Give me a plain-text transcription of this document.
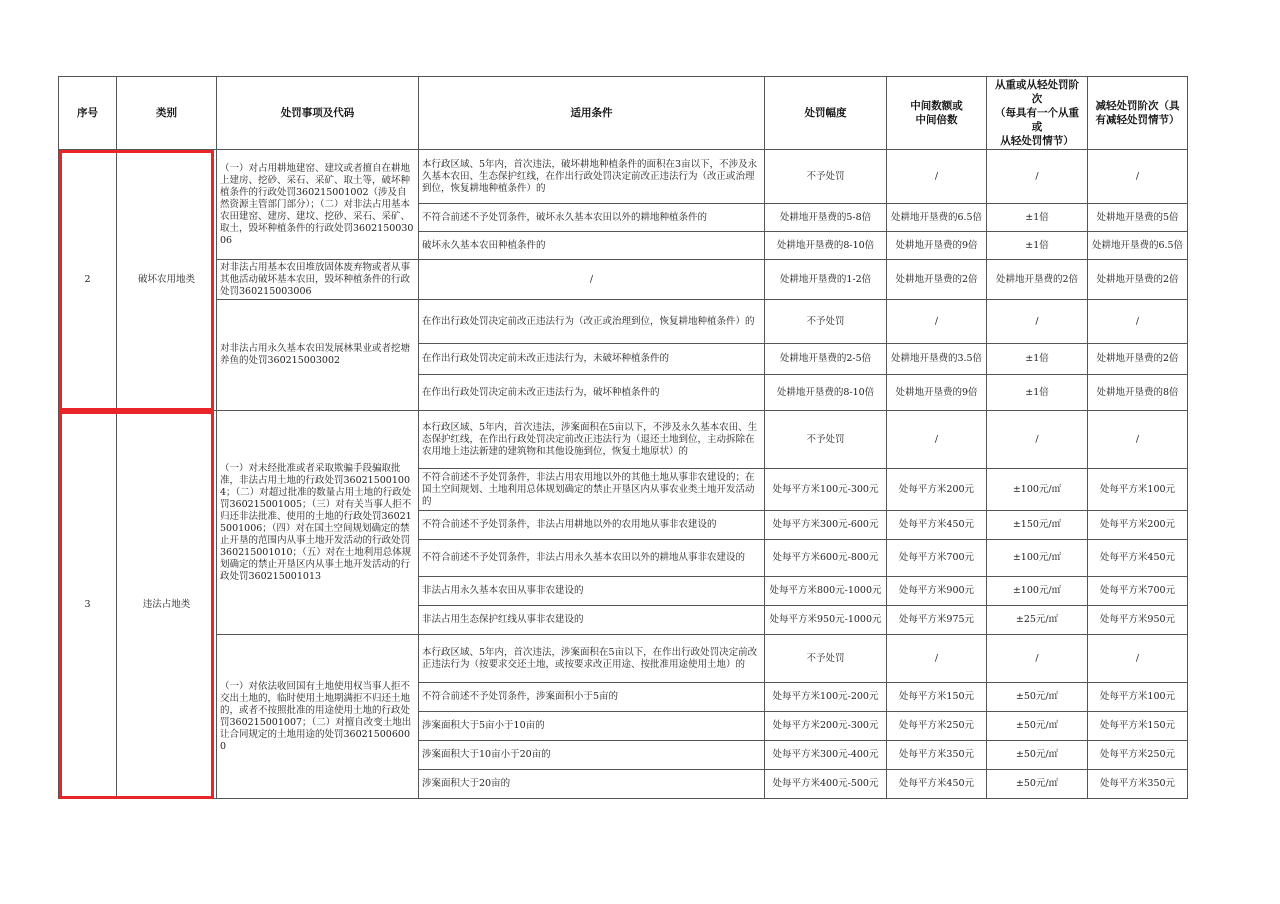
序号	类别	处罚事项及代码	适用条件	处罚幅度	中间数额或
中间倍数	从重或从轻处罚阶次
（每具有一个从重或
从轻处罚情节）	减轻处罚阶次（具
有减轻处罚情节）
2	破坏农用地类	（一）对占用耕地建窑、建坟或者擅自在耕地上建房、挖砂、采石、采矿、取土等，破坏种植条件的行政处罚360215001002（涉及自然资源主管部门部分）；（二）对非法占用基本农田建窑、建房、建坟、挖砂、采石、采矿、取土，毁坏种植条件的行政处罚360215003006	本行政区域、5年内，首次违法，破坏耕地种植条件的面积在3亩以下，不涉及永久基本农田、生态保护红线，在作出行政处罚决定前改正违法行为（改正或治理到位，恢复耕地种植条件）的	不予处罚	/	/	/
			不符合前述不予处罚条件，破坏永久基本农田以外的耕地种植条件的	处耕地开垦费的5-8倍	处耕地开垦费的6.5倍	±1倍	处耕地开垦费的5倍
			破坏永久基本农田种植条件的	处耕地开垦费的8-10倍	处耕地开垦费的9倍	±1倍	处耕地开垦费的6.5倍
		对非法占用基本农田堆放固体废弃物或者从事其他活动破坏基本农田，毁坏种植条件的行政处罚360215003006	/	处耕地开垦费的1-2倍	处耕地开垦费的2倍	处耕地开垦费的2倍	处耕地开垦费的2倍
		对非法占用永久基本农田发展林果业或者挖塘养鱼的处罚360215003002	在作出行政处罚决定前改正违法行为（改正或治理到位，恢复耕地种植条件）的	不予处罚	/	/	/
			在作出行政处罚决定前未改正违法行为，未破坏种植条件的	处耕地开垦费的2-5倍	处耕地开垦费的3.5倍	±1倍	处耕地开垦费的2倍
			在作出行政处罚决定前未改正违法行为，破坏种植条件的	处耕地开垦费的8-10倍	处耕地开垦费的9倍	±1倍	处耕地开垦费的8倍
3	违法占地类	（一）对未经批准或者采取欺骗手段骗取批准，非法占用土地的行政处罚360215001004；（二）对超过批准的数量占用土地的行政处罚360215001005；（三）对有关当事人拒不归还非法批准、使用的土地的行政处罚360215001006；（四）对在国土空间规划确定的禁止开垦的范围内从事土地开发活动的行政处罚360215001010；（五）对在土地利用总体规划确定的禁止开垦区内从事土地开发活动的行政处罚360215001013	本行政区域、5年内，首次违法，涉案面积在5亩以下，不涉及永久基本农田、生态保护红线，在作出行政处罚决定前改正违法行为（退还土地到位，主动拆除在农用地上违法新建的建筑物和其他设施到位，恢复土地原状）的	不予处罚	/	/	/
			不符合前述不予处罚条件，非法占用农用地以外的其他土地从事非农建设的；在国土空间规划、土地利用总体规划确定的禁止开垦区内从事农业类土地开发活动的	处每平方米100元-300元	处每平方米200元	±100元/㎡	处每平方米100元
			不符合前述不予处罚条件，非法占用耕地以外的农用地从事非农建设的	处每平方米300元-600元	处每平方米450元	±150元/㎡	处每平方米200元
			不符合前述不予处罚条件，非法占用永久基本农田以外的耕地从事非农建设的	处每平方米600元-800元	处每平方米700元	±100元/㎡	处每平方米450元
			非法占用永久基本农田从事非农建设的	处每平方米800元-1000元	处每平方米900元	±100元/㎡	处每平方米700元
			非法占用生态保护红线从事非农建设的	处每平方米950元-1000元	处每平方米975元	±25元/㎡	处每平方米950元
		（一）对依法收回国有土地使用权当事人拒不交出土地的，临时使用土地期满拒不归还土地的，或者不按照批准的用途使用土地的行政处罚360215001007；（二）对擅自改变土地出让合同规定的土地用途的处罚360215006000	本行政区域、5年内，首次违法，涉案面积在5亩以下，在作出行政处罚决定前改正违法行为（按要求交还土地，或按要求改正用途、按批准用途使用土地）的	不予处罚	/	/	/
			不符合前述不予处罚条件，涉案面积小于5亩的	处每平方米100元-200元	处每平方米150元	±50元/㎡	处每平方米100元
			涉案面积大于5亩小于10亩的	处每平方米200元-300元	处每平方米250元	±50元/㎡	处每平方米150元
			涉案面积大于10亩小于20亩的	处每平方米300元-400元	处每平方米350元	±50元/㎡	处每平方米250元
			涉案面积大于20亩的	处每平方米400元-500元	处每平方米450元	±50元/㎡	处每平方米350元
